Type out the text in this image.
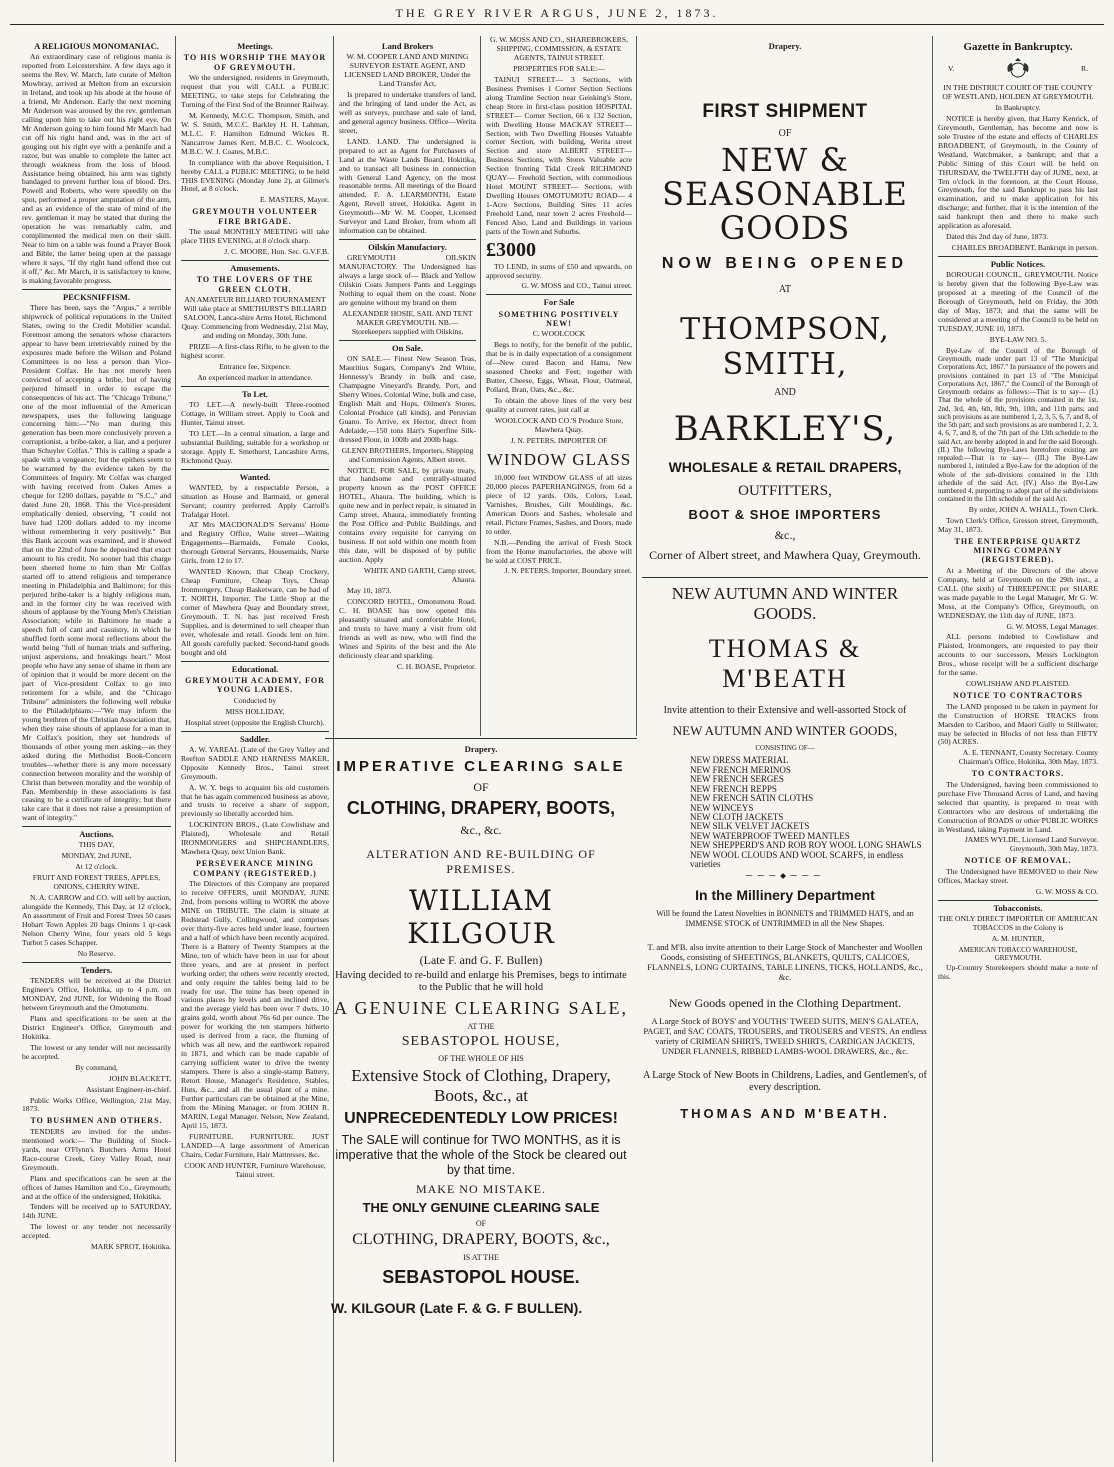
THE GREY RIVER ARGUS, JUNE 2, 1873.
A RELIGIOUS MONOMANIAC.

An extraordinary case of religious mania is reported from Leicestershire. A few days ago it seems the Rev. W. March, late curate of Melton Mowbray, arrived at Melton from an excursion in Ireland, and took up his abode at the house of a friend, Mr Anderson. Early the next morning Mr Anderson was aroused by the rev. gentleman calling upon him to take out his right eye. On Mr Anderson going to him found Mr March had cut off his right hand and, was in the act of gouging out his right eye with a penknife and a razor, but was unable to complete the latter act through weakness from the loss of blood. Assistance being obtained, his arm was tightly bandaged to prevent further loss of blood. Drs. Powell and Roberts, who were speedily on the spot, performed a proper amputation of the arm, and as an evidence of the state of mind of the rev. gentleman it may be stated that during the operation he was remarkably calm, and complimented the medical men on their skill. Near to him on a table was found a Prayer Book and Bible, the latter being open at the passage where it says, "If thy right hand offend thee cut it off," &c. Mr March, it is satisfactory to know, is making favorable progress.

PECKSNIFFISM.

There has been, says the "Argus," a terrible shipwreck of political reputations in the United States, owing to the Credit Mobilier scandal. Foremost among the senators whose characters appear to have been irretrievably ruined by the exposures made before the Wilson and Poland Committees is no less a person than Vice-President Colfax. He has not merely been convicted of accepting a bribe, but of having perjured himself in order to escape the consequences of his act. The "Chicago Tribune," one of the most influential of the American newspapers, uses the following language concerning him:—"No man during this generation has been more conclusively proven a corruptionist, a bribe-taker, a liar, and a perjurer than Schuyler Colfax." This is calling a spade a spade with a vengeance; but the epithets seem to be warranted by the evidence taken by the Committees of Inquiry. Mr Colfax was charged with having received from Oakes Ames a cheque for 1200 dollars, payable to "S.C.," and dated June 20, 1868. This the Vice-president emphatically denied, observing, "I could not have had 1200 dollars added to my income without remembering it very positively." But this Bank account was examined, and it showed that on the 22nd of June he deposited that exact amount to his credit. No sooner had this charge been sheeted home to him than Mr Colfax started off to attend religious and temperance meeting in Philadelphia and Baltimore; for this perjured bribe-taker is a highly religious man, and in the former city he was received with shouts of applause by the Young Men's Christian Association; while in Baltimore he made a speech full of cant and casuistry, in which he shuffled forth some moral reflections about the world being "full of human trials and suffering, unjust aspersions, and breakings heart." Most people who have any sense of shame in them are of opinion that it would be more decent on the part of Vice-president Colfax to go into retirement for a while, and the "Chicago Tribune" administers the following well rebuke to the Philadelphians:—"We may inform the young brethren of the Christian Association that, when they raise shouts of applause for a man in Mr Colfax's position, they set hundreds of thousands of other young men asking—as they asked during the Methodist Book-Concern troubles—whether there is any more necessary connection between morality and the worship of Christ than between morality and the worship of Pan. Membership in these associations is fast ceasing to be a certificate of integrity; but there take care that it does not raise a presumption of want of integrity."

Auctions.

THIS DAY,

MONDAY, 2nd JUNE,

At 12 o'clock.

FRUIT AND FOREST TREES, APPLES, ONIONS, CHERRY WINE.

N. A. CARROW and CO. will sell by auction, alongside the Kennedy, This Day, at 12 o'clock, An assortment of Fruit and Forest Trees 50 cases Hobart Town Apples 20 bags Onions 1 qr-cask Nelson Cherry Wine, four years old 5 kegs Turbot 5 cases Schapper.

No Reserve.

Tenders.

TENDERS will be received at the District Engineer's Office, Hokitika, up to 4 p.m. on MONDAY, 2nd JUNE, for Widening the Road between Greymouth and the Omotumotu.

Plans and specifications to be seen at the District Engineer's Office, Greymouth and Hokitika.

The lowest or any tender will not necessarily be accepted.

By command,

JOHN BLACKETT,

Assistant Engineer-in-chief.

Public Works Office, Wellington, 21st May, 1873.

TO BUSHMEN AND OTHERS.

TENDERS are invited for the under-mentioned work:— The Building of Stock-yards, near O'Flynn's Butchers Arms Hotel Race-course Creek, Grey Valley Road, near Greymouth.

Plans and specifications can be seen at the offices of James Hamilton and Co., Greymouth; and at the office of the undersigned, Hokitika.

Tenders will be received up to SATURDAY, 14th JUNE.

The lowest or any tender not necessarily accepted.

MARK SPROT, Hokitika.

Meetings.
TO HIS WORSHIP THE MAYOR OF GREYMOUTH.

We the undersigned, residents in Greymouth, request that you will CALL a PUBLIC MEETING, to take steps for Celebrating the Turning of the First Sod of the Brunner Railway.

M. Kennedy, M.C.C. Thompson, Smith, and W. S. Smith, M.C.C. Barkley H. H. Lahman, M.L.C. F. Hamilton Edmund Wickes R. Nancarrow James Kerr, M.B.C. C. Woolcock, M.B.C. W. J. Coates, M.B.C.

In compliance with the above Requisition, I hereby CALL a PUBLIC MEETING, to be held THIS EVENING (Monday June 2), at Gilmer's Hotel, at 8 o'clock.

E. MASTERS, Mayor.

GREYMOUTH VOLUNTEER FIRE BRIGADE.

The usual MONTHLY MEETING will take place THIS EVENING, at 8 o'clock sharp.

J. C. MOORE, Hon. Sec. G.V.F.B.

Amusements.
TO THE LOVERS OF THE GREEN CLOTH.

AN AMATEUR BILLIARD TOURNAMENT Will take place at SMETHURST'S BILLIARD SALOON, Lanca-shire Arms Hotel, Richmond Quay. Commencing from Wednesday, 21st May, and ending on Monday, 30th June.

PRIZE—A first-class Rifle, to be given to the highest scorer.

Entrance fee, Sixpence.

An experienced marker in attendance.

To Let.

TO LET.—A newly-built Three-roomed Cottage, in William street. Apply to Cook and Hunter, Tainui street.

TO LET.—In a central situation, a large and substantial Building, suitable for a workshop or storage. Apply E. Smethurst, Lancashire Arms, Richmond Quay.

Wanted.

WANTED, by a respectable Person, a situation as House and Barmaid, or general Servant; country preferred. Apply Carroll's Trafalgar Hotel.

AT Mrs MACDONALD'S Servants' Home and Registry Office, Waite street—Waiting Engagements—Barmaids, Female Cooks, thorough General Servants, Housemaids, Nurse Girls, from 12 to 17.

WANTED Known, that Cheap Crockery, Cheap Furniture, Cheap Toys, Cheap Ironmongery, Cheap Basketware, can be had of T. NORTH, Importer. The Little Shop at the corner of Mawhera Quay and Boundary street, Greymouth. T. N. has just received Fresh Supplies, and is determined to sell cheaper than ever, wholesale and retail. Goods lent on hire. All goods carefully packed. Second-hand goods bought and old

Educational.
GREYMOUTH ACADEMY, FOR YOUNG LADIES.

Conducted by

MISS HOLLIDAY,

Hospital street (opposite the English Church).

Saddler.

A. W. YAREAL (Late of the Grey Valley and Reefton SADDLE AND HARNESS MAKER, Opposite Kennedy Bros., Tainui street Greymouth.

A. W. Y. begs to acquaint his old customers that he has again commenced business as above, and trusts to receive a share of support, previously so liberally accorded him.

LOCKINTON BROS., (Late Cowlishaw and Plaisted), Wholesale and Retail IRONMONGERS and SHIPCHANDLERS, Mawhera Quay, next Union Bank.

PERSEVERANCE MINING COMPANY (REGISTERED.)

The Directors of this Company are prepared to receive OFFERS, until MONDAY, JUNE 2nd, from persons willing to WORK the above MINE on TRIBUTE. The claim is situate at Redstead Gully, Collingwood, and comprises over thirty-five acres held under lease, fourteen and a half of which have been recently acquired. There is a Battery of Twenty Stampers at the Mine, ten of which have been in use for about three years, and are at present in perfect working order; the others were recently erected, and only require the tables being laid to be ready for use. The mine has been opened in various places by levels and an inclined drive, and the average yield has been over 7 dwts. 10 grains gold, worth about 76s 6d per ounce. The power for working the ten stampers hitherto used is derived from a race, the fluming of which was all new, and the earthwork repaired in 1871, and which can be made capable of carrying sufficient water to drive the twenty stampers. There is also a single-stamp Battery, Retort House, Manager's Residence, Stables, Huts, &c., and all the usual plant of a mine. Further particulars can be obtained at the Mine, from the Mining Manager, or from JOHN R. MARIN, Legal Manager. Nelson, New Zealand, April 15, 1873.

FURNITURE. FURNITURE. JUST LANDED—A large assortment of American Chairs, Cedar Furniture, Hair Mattresses, &c.

COOK AND HUNTER, Furniture Warehouse, Tainui street.

Land Brokers

W. M. COOPER LAND AND MINING SURVEYOR ESTATE AGENT, AND LICENSED LAND BROKER, Under the Land Transfer Act,

Is prepared to undertake transfers of land, and the bringing of land under the Act, as well as surveys, purchase and sale of land, and general agency business. Office—Werita street,

LAND. LAND. The undersigned is prepared to act as Agent for Purchasers of Land at the Waste Lands Board, Hokitika, and to transact all business in connection with General Land Agency, on the most reasonable terms. All meetings of the Board attended. F. A. LEARMONTH, Estate Agent, Revell street, Hokitika. Agent in Greymouth—Mr W. M. Cooper, Licensed Surveyor and Land Broker, from whom all information can be obtained.

Oilskin Manufactory.

GREYMOUTH OILSKIN MANUFACTORY. The Undersigned has always a large stock of— Black and Yellow Oilskin Coats Jumpers Pants and Leggings Nothing to equal them on the coast. None are genuine without my brand on them

ALEXANDER HOSIE, SAIL AND TENT MAKER GREYMOUTH. NB.—Storekeepers supplied with Oilskins,

On Sale.

ON SALE.— Finest New Season Teas, Mauritius Sugars, Company's 2nd White, Hennessy's Brandy in bulk and case, Champagne Vineyard's Brandy, Port, and Sherry Wines, Colonial Wine, bulk and case, English Malt and Hops, Oilmen's Stores, Colonial Produce (all kinds), and Peruvian Guano. To Arrive, ex Hector, direct from Adelaide,—150 tons Hart's Superfine Silk-dressed Flour, in 100lb and 200lb bags.

GLENN BROTHERS, Importers, Shipping and Commission Agents, Albert street.

NOTICE. FOR SALE, by private treaty, that handsome and centrally-situated property known as the POST OFFICE HOTEL, Ahaura. The building, which is quite new and in perfect repair, is situated in Camp street, Ahaura, immediately fronting the Post Office and Public Buildings, and contains every requisite for carrying on business. If not sold within one month from this date, will be disposed of by public auction. Apply

WHITE AND GARTH, Camp street, Ahaura.

May 10, 1873.

CONCORD HOTEL, Omotumotu Road. C. H. BOASE has now opened this pleasantly situated and comfortable Hotel, and trusts to have many a visit from old friends as well as new, who will find the Wines and Spirits of the best and the Ale deliciously clear and sparkling.

C. H. BOASE, Proprietor.

G. W. MOSS AND CO., SHAREBROKERS, SHIPPING, COMMISSION, & ESTATE AGENTS, TAINUI STREET.

PROPERTIES FOR SALE:—

TAINUI STREET— 3 Sections, with Business Premises 1 Corner Section Sections along Tramline Section near Geisking's Store, cheap Store in first-class position HOSPITAL STREET— Corner Section, 66 x 132 Section, with Dwelling House MACKAY STREET— Section, with Two Dwelling Houses Valuable corner Section, with building, Werita street Section and store ALBERT STREET— Business Sections, with Stores Valuable acre Section fronting Tidal Creek RICHMOND QUAY— Freehold Section, with commodious Hotel MOUNT STREET— Sections, with Dwelling Houses OMOTUMOTU ROAD— 4 1-Acre Sections, Building Sites 11 acres Freehold Land, near town 2 acres Freehold—Fenced Also, Land and Buildings in various parts of the Town and Suburbs.

£3000

TO LEND, in sums of £50 and upwards, on approved security.

G. W. MOSS and CO., Tainui street.

For Sale
SOMETHING POSITIVELY NEW!

C. WOOLCOCK

Begs to notify, for the benefit of the public, that he is in daily expectation of a consignment of—New cured Bacon and Hams, New seasoned Cheeks and Feet; together with Butter, Cheese, Eggs, Wheat, Flour, Oatmeal, Pollard, Bran, Oats, &c., &c.

To obtain the above lines of the very best quality at current rates, just call at

WOOLCOCK AND CO.'S Produce Store, Mawhera Quay.

J. N. PETERS, IMPORTER OF

WINDOW GLASS

10,000 feet WINDOW GLASS of all sizes 20,000 pieces PAPERHANGINGS, from 6d a piece of 12 yards. Oils, Colors, Lead, Varnishes, Brushes, Gilt Mouldings, &c. American Doors and Sashes, wholesale and retail. Picture Frames, Sashes, and Doors, made to order.

N.B.—Pending the arrival of Fresh Stock from the Home manufactories, the above will be sold at COST PRICE.

J. N. PETERS, Importer, Boundary street.

Drapery.
IMPERATIVE CLEARING SALE
OF
CLOTHING, DRAPERY, BOOTS,
&c., &c.
ALTERATION AND RE-BUILDING OF PREMISES.
WILLIAM KILGOUR
(Late F. and G. F. Bullen)
Having decided to re-build and enlarge his Premises, begs to intimate to the Public that he will hold
A GENUINE CLEARING SALE,
AT THE
SEBASTOPOL HOUSE,
OF THE WHOLE OF HIS
Extensive Stock of Clothing, Drapery, Boots, &c., at
UNPRECEDENTEDLY LOW PRICES!
The SALE will continue for TWO MONTHS, as it is imperative that the whole of the Stock be cleared out by that time.
MAKE NO MISTAKE.
THE ONLY GENUINE CLEARING SALE
OF
CLOTHING, DRAPERY, BOOTS, &c.,
IS AT THE
SEBASTOPOL HOUSE.
W. KILGOUR (Late F. & G. F BULLEN).
Drapery.
FIRST SHIPMENT
OF
NEW & SEASONABLE GOODS
NOW BEING OPENED
AT
THOMPSON, SMITH,
AND
BARKLEY'S,
WHOLESALE & RETAIL DRAPERS,
OUTFITTERS,
BOOT & SHOE IMPORTERS
&c.,
Corner of Albert street, and Mawhera Quay, Greymouth.
NEW AUTUMN AND WINTER GOODS.
THOMAS & M'BEATH
Invite attention to their Extensive and well-assorted Stock of
NEW AUTUMN AND WINTER GOODS,
CONSISTING OF—
NEW DRESS MATERIAL
NEW FRENCH MERINOS
NEW FRENCH SERGES
NEW FRENCH REPPS
NEW FRENCH SATIN CLOTHS
NEW WINCEYS
NEW CLOTH JACKETS
NEW SILK VELVET JACKETS
NEW WATERPROOF TWEED MANTLES
NEW SHEPPERD'S AND ROB ROY WOOL LONG SHAWLS
NEW WOOL CLOUDS AND WOOL SCARFS, in endless varieties
⁓⁓⁓◆⁓⁓⁓
In the Millinery Department
Will be found the Latest Novelties in BONNETS and TRIMMED HATS, and an IMMENSE STOCK of UNTRIMMED in all the New Shapes.
T. and M'B. also invite attention to their Large Stock of Manchester and Woollen Goods, consisting of SHEETINGS, BLANKETS, QUILTS, CALICOES, FLANNELS, LONG CURTAINS, TABLE LINENS, TICKS, HOLLANDS, &c., &c.
New Goods opened in the Clothing Department.
A Large Stock of BOYS' and YOUTHS' TWEED SUITS, MEN'S GALATEA, PAGET, and SAC COATS, TROUSERS, and TROUSERS and VESTS. An endless variety of CRIMEAN SHIRTS, TWEED SHIRTS, CARDIGAN JACKETS, UNDER FLANNELS, RIBBED LAMBS-WOOL DRAWERS, &c., &c.
A Large Stock of New Boots in Childrens, Ladies, and Gentlemen's, of every description.
THOMAS AND M'BEATH.
Gazette in Bankruptcy.
V.	R.

IN THE DISTRICT COURT OF THE COUNTY OF WESTLAND, HOLDEN AT GREYMOUTH.

In Bankruptcy.

NOTICE is hereby given, that Harry Kenrick, of Greymouth, Gentleman, has become and now is sole Trustee of the estate and effects of CHARLES BROADBENT, of Greymouth, in the County of Westland, Watchmaker, a bankrupt; and that a Public Sitting of this Court will be held on THURSDAY, the TWELFTH day of JUNE, next, at Ten o'clock in the forenoon, at the Court House, Greymouth, for the said Bankrupt to pass his last examination, and to make application for his discharge; and further, that it is the intention of the said bankrupt then and there to make such application as aforesaid.

Dated this 2nd day of June, 1873.

CHARLES BROADBENT, Bankrupt in person.

Public Notices.

BOROUGH COUNCIL, GREYMOUTH. Notice is hereby given that the following Bye-Law was proposed at a meeting of the Council of the Borough of Greymouth, held on Friday, the 30th day of May, 1873; and that the same will be considered at a meeting of the Council to be held on TUESDAY, JUNE 10, 1873.

BYE-LAW NO. 5.

Bye-Law of the Council of the Borough of Greymouth, made under part 13 of "The Municipal Corporations Act, 1867." In pursuance of the powers and provisions contained in part 13 of "The Municipal Corporations Act, 1867," the Council of the Borough of Greymouth ordains as follows:—That is to say— (I.) That the whole of the provisions contained in the 1st, 2nd, 3rd, 4th, 6th, 8th, 9th, 10th, and 11th parts; and such provisions as are numbered 1, 2, 3, 5, 6, 7, and 8, of the 5th part; and such provisions as are numbered 1, 2, 3, 4, 6, 7, and 8, of the 7th part of the 13th schedule to the said Act, are hereby adopted in and for the said Borough. (II.) The following Bye-Laws heretofore existing are repealed:—That is to say— (III.) The Bye-Law numbered 1, intituled a Bye-Law for the adoption of the whole of the sub-divisions contained in the 13th schedule of the said Act. (IV.) Also the Bye-Law numbered 4, purporting to adopt part of the subdivisions contained in the 13th schedule of the said Act.

By order, JOHN A. WHALL, Town Clerk.

Town Clerk's Office, Gresson street, Greymouth, May 31, 1873.

THE ENTERPRISE QUARTZ MINING COMPANY (REGISTERED).

At a Meeting of the Directors of the above Company, held at Greymouth on the 29th inst., a CALL (the sixth) of THREEPENCE per SHARE was made payable to the Legal Manager, Mr G. W. Moss, at the Company's Office, Greymouth, on WEDNESDAY, the 11th day of JUNE, 1873.

G. W. MOSS, Legal Manager.

ALL persons indebted to Cowlishaw and Plaisted, Ironmongers, are requested to pay their accounts to our successors, Messrs Lockington Bros., whose receipt will be a sufficient discharge for the same.

COWLISHAW AND PLAISTED.

NOTICE TO CONTRACTORS

The LAND proposed to be taken in payment for the Construction of HORSE TRACKS from Marsden to Cariboo, and Maori Gully to Stillwater, may be selected in Blocks of not less than FIFTY (50) ACRES.

A. E. TENNANT, County Secretary. County Chairman's Office, Hokitika, 30th May, 1873.

TO CONTRACTORS.

The Undersigned, having been commissioned to purchase Five Thousand Acres of Land, and having selected that quantity, is prepared to treat with Contractors who are desirous of undertaking the Construction of ROADS or other PUBLIC WORKS in Westland, taking Payment in Land.

JAMES WYLDE, Licensed Land Surveyor. Greymouth, 30th May, 1873.

NOTICE OF REMOVAL.

The Undersigned have REMOVED to their New Offices, Mackay street.

G. W. MOSS & CO.

Tobacconists.

THE ONLY DIRECT IMPORTER OF AMERICAN TOBACCOS in the Colony is

A. M. HUNTER,

AMERICAN TOBACCO WAREHOUSE, GREYMOUTH.

Up-Country Storekeepers should make a note of this.
